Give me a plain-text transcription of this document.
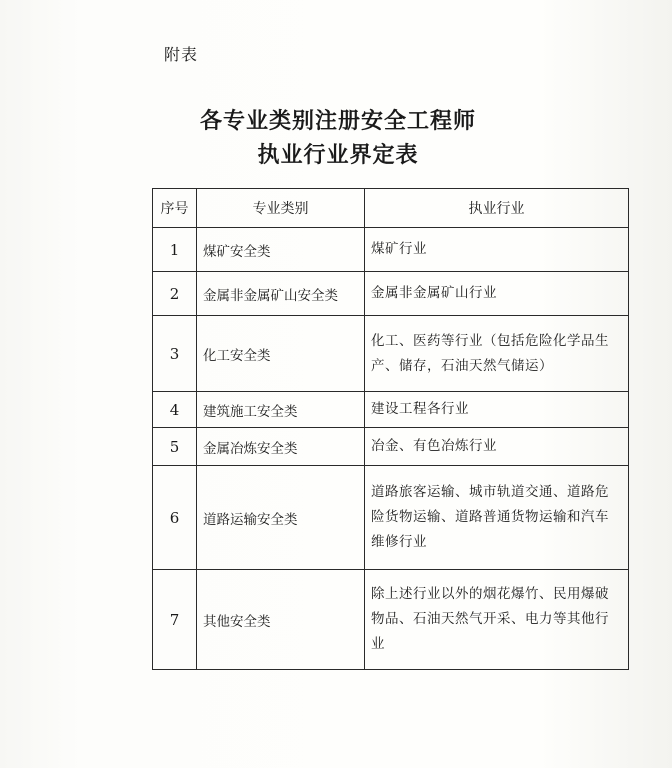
附表
各专业类别注册安全工程师
执业行业界定表
序号	专业类别	执业行业
1	煤矿安全类	煤矿行业
2	金属非金属矿山安全类	金属非金属矿山行业
3	化工安全类	化工、医药等行业（包括危险化学品生产、储存，石油天然气储运）
4	建筑施工安全类	建设工程各行业
5	金属冶炼安全类	冶金、有色冶炼行业
6	道路运输安全类	道路旅客运输、城市轨道交通、道路危险货物运输、道路普通货物运输和汽车维修行业
7	其他安全类	除上述行业以外的烟花爆竹、民用爆破物品、石油天然气开采、电力等其他行业
